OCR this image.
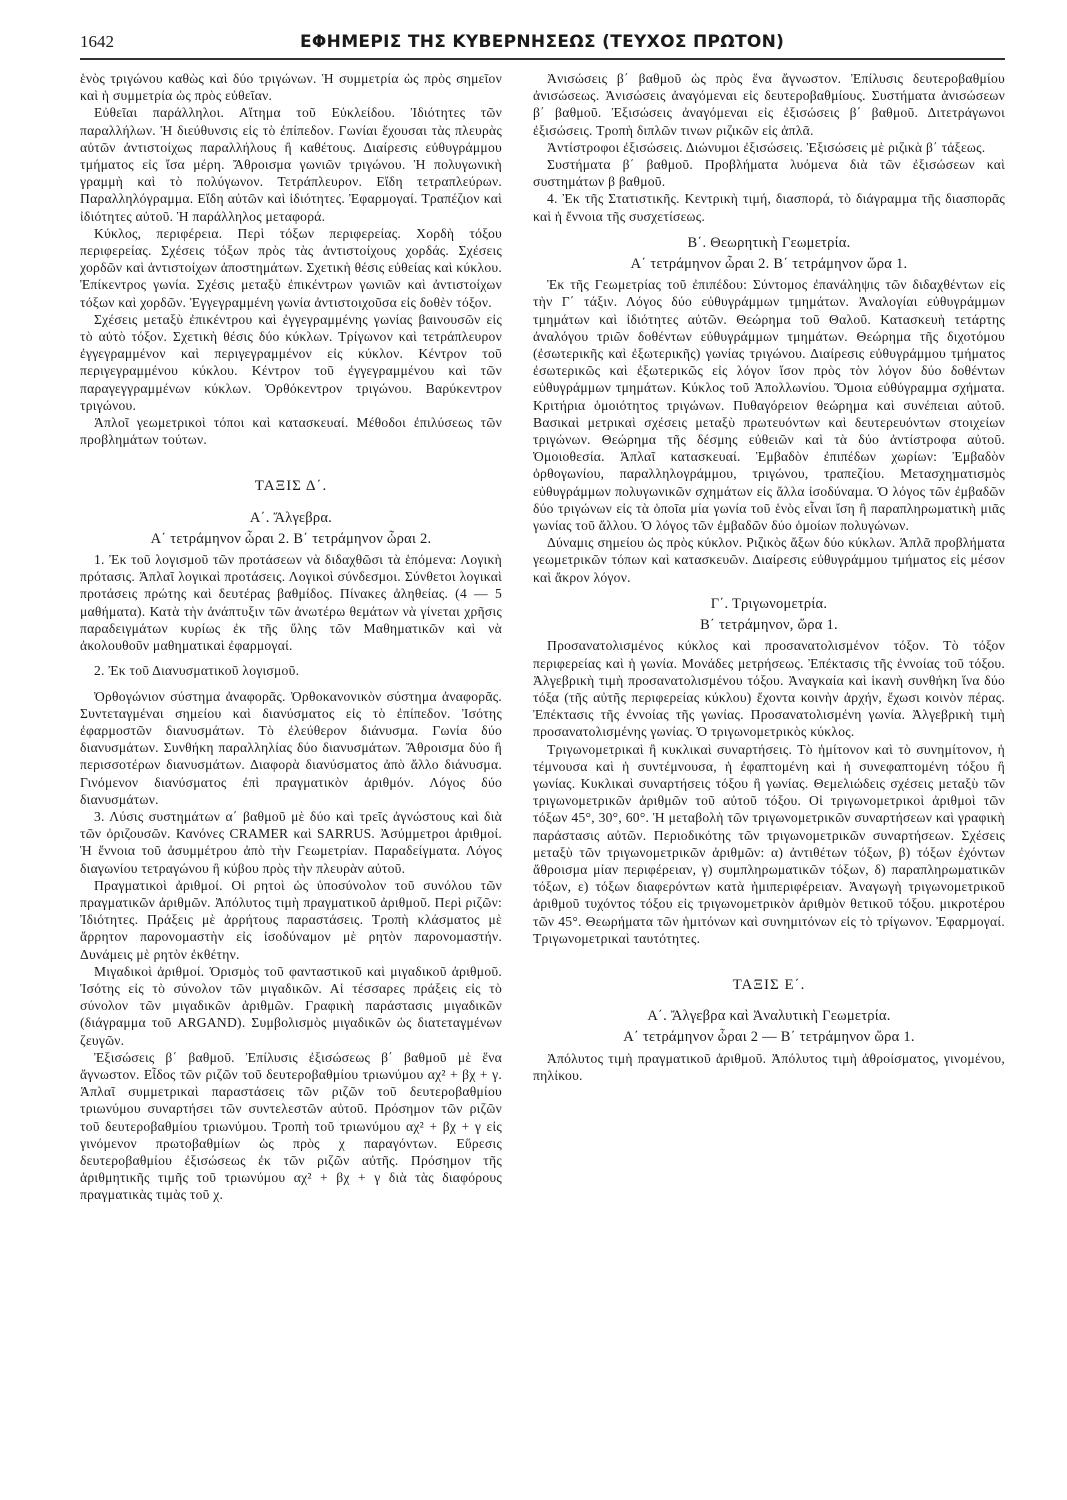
1642	ΕΦΗΜΕΡΙΣ ΤΗΣ ΚΥΒΕΡΝΗΣΕΩΣ (ΤΕΥΧΟΣ ΠΡΩΤΟΝ)

ἑνὸς τριγώνου καθὼς καὶ δύο τριγώνων. Ἡ συμμετρία ὡς πρὸς σημεῖον καὶ ἡ συμμετρία ὡς πρὸς εὐθεῖαν.

Εὐθεῖαι παράλληλοι. Αἴτημα τοῦ Εὐκλείδου. Ἰδιότητες τῶν παραλλήλων. Ἡ διεύθυνσις εἰς τὸ ἐπίπεδον. Γωνίαι ἔχουσαι τὰς πλευρὰς αὐτῶν ἀντιστοίχως παραλλήλους ἢ καθέτους. Διαίρεσις εὐθυγράμμου τμήματος εἰς ἴσα μέρη. Ἄθροισμα γωνιῶν τριγώνου. Ἡ πολυγωνικὴ γραμμὴ καὶ τὸ πολύγωνον. Τετράπλευρον. Εἴδη τετραπλεύρων. Παραλληλόγραμμα. Εἴδη αὐτῶν καὶ ἰδιότητες. Ἐφαρμογαί. Τραπέζιον καὶ ἰδιότητες αὐτοῦ. Ἡ παράλληλος μεταφορά.

Κύκλος, περιφέρεια. Περὶ τόξων περιφερείας. Χορδὴ τόξου περιφερείας. Σχέσεις τόξων πρὸς τὰς ἀντιστοίχους χορδάς. Σχέσεις χορδῶν καὶ ἀντιστοίχων ἀποστημάτων. Σχετικὴ θέσις εὐθείας καὶ κύκλου. Ἐπίκεντρος γωνία. Σχέσις μεταξὺ ἐπικέντρων γωνιῶν καὶ ἀντιστοίχων τόξων καὶ χορδῶν. Ἐγγεγραμμένη γωνία ἀντιστοιχοῦσα εἰς δοθὲν τόξον.

Σχέσεις μεταξὺ ἐπικέντρου καὶ ἐγγεγραμμένης γωνίας βαινουσῶν εἰς τὸ αὐτὸ τόξον. Σχετικὴ θέσις δύο κύκλων. Τρίγωνον καὶ τετράπλευρον ἐγγεγραμμένον καὶ περιγεγραμμένον εἰς κύκλον. Κέντρον τοῦ περιγεγραμμένου κύκλου. Κέντρον τοῦ ἐγγεγραμμένου καὶ τῶν παραγεγγραμμένων κύκλων. Ὀρθόκεντρον τριγώνου. Βαρύκεντρον τριγώνου.

Ἁπλοῖ γεωμετρικοὶ τόποι καὶ κατασκευαί. Μέθοδοι ἐπιλύσεως τῶν προβλημάτων τούτων.

ΤΑΞΙΣ Δ΄.
Α΄. Ἄλγεβρα.
Α΄ τετράμηνον ὧραι 2. Β΄ τετράμηνον ὧραι 2.

1. Ἐκ τοῦ λογισμοῦ τῶν προτάσεων νὰ διδαχθῶσι τὰ ἑπόμενα: Λογικὴ πρότασις. Ἁπλαῖ λογικαὶ προτάσεις. Λογικοὶ σύνδεσμοι. Σύνθετοι λογικαὶ προτάσεις πρώτης καὶ δευτέρας βαθμίδος. Πίνακες ἀληθείας. (4 — 5 μαθήματα). Κατὰ τὴν ἀνάπτυξιν τῶν ἀνωτέρω θεμάτων νὰ γίνεται χρῆσις παραδειγμάτων κυρίως ἐκ τῆς ὕλης τῶν Μαθηματικῶν καὶ νὰ ἀκολουθοῦν μαθηματικαὶ ἐφαρμογαί.

2. Ἐκ τοῦ Διανυσματικοῦ λογισμοῦ.

Ὀρθογώνιον σύστημα ἀναφορᾶς. Ὀρθοκανονικὸν σύστημα ἀναφορᾶς. Συντεταγμέναι σημείου καὶ διανύσματος εἰς τὸ ἐπίπεδον. Ἰσότης ἐφαρμοστῶν διανυσμάτων. Τὸ ἐλεύθερον διάνυσμα. Γωνία δύο διανυσμάτων. Συνθήκη παραλληλίας δύο διανυσμάτων. Ἄθροισμα δύο ἢ περισσοτέρων διανυσμάτων. Διαφορὰ διανύσματος ἀπὸ ἄλλο διάνυσμα. Γινόμενον διανύσματος ἐπὶ πραγματικὸν ἀριθμόν. Λόγος δύο διανυσμάτων.

3. Λύσις συστημάτων α΄ βαθμοῦ μὲ δύο καὶ τρεῖς ἀγνώστους καὶ διὰ τῶν ὀριζουσῶν. Κανόνες CRAMER καὶ SARRUS. Ἀσύμμετροι ἀριθμοί. Ἡ ἔννοια τοῦ ἀσυμμέτρου ἀπὸ τὴν Γεωμετρίαν. Παραδείγματα. Λόγος διαγωνίου τετραγώνου ἢ κύβου πρὸς τὴν πλευρὰν αὐτοῦ.

Πραγματικοὶ ἀριθμοί. Οἱ ρητοὶ ὡς ὑποσύνολον τοῦ συνόλου τῶν πραγματικῶν ἀριθμῶν. Ἀπόλυτος τιμὴ πραγματικοῦ ἀριθμοῦ. Περὶ ριζῶν: Ἰδιότητες. Πράξεις μὲ ἀρρήτους παραστάσεις. Τροπὴ κλάσματος μὲ ἄρρητον παρονομαστὴν εἰς ἰσοδύναμον μὲ ρητὸν παρονομαστήν. Δυνάμεις μὲ ρητὸν ἐκθέτην.

Μιγαδικοὶ ἀριθμοί. Ὁρισμὸς τοῦ φανταστικοῦ καὶ μιγαδικοῦ ἀριθμοῦ. Ἰσότης εἰς τὸ σύνολον τῶν μιγαδικῶν. Αἱ τέσσαρες πράξεις εἰς τὸ σύνολον τῶν μιγαδικῶν ἀριθμῶν. Γραφικὴ παράστασις μιγαδικῶν (διάγραμμα τοῦ ARGAND). Συμβολισμὸς μιγαδικῶν ὡς διατεταγμένων ζευγῶν.

Ἐξισώσεις β΄ βαθμοῦ. Ἐπίλυσις ἐξισώσεως β΄ βαθμοῦ μὲ ἕνα ἄγνωστον. Εἶδος τῶν ριζῶν τοῦ δευτεροβαθμίου τριωνύμου αχ² + βχ + γ. Ἁπλαῖ συμμετρικαὶ παραστάσεις τῶν ριζῶν τοῦ δευτεροβαθμίου τριωνύμου συναρτήσει τῶν συντελεστῶν αὐτοῦ. Πρόσημον τῶν ριζῶν τοῦ δευτεροβαθμίου τριωνύμου. Τροπὴ τοῦ τριωνύμου αχ² + βχ + γ εἰς γινόμενον πρωτοβαθμίων ὡς πρὸς χ παραγόντων. Εὕρεσις δευτεροβαθμίου ἐξισώσεως ἐκ τῶν ριζῶν αὐτῆς. Πρόσημον τῆς ἀριθμητικῆς τιμῆς τοῦ τριωνύμου αχ² + βχ + γ διὰ τὰς διαφόρους πραγματικὰς τιμὰς τοῦ χ.

Ἀνισώσεις β΄ βαθμοῦ ὡς πρὸς ἕνα ἄγνωστον. Ἐπίλυσις δευτεροβαθμίου ἀνισώσεως. Ἀνισώσεις ἀναγόμεναι εἰς δευτεροβαθμίους. Συστήματα ἀνισώσεων β΄ βαθμοῦ. Ἐξισώσεις ἀναγόμεναι εἰς ἐξισώσεις β΄ βαθμοῦ. Διτετράγωνοι ἐξισώσεις. Τροπὴ διπλῶν τινων ριζικῶν εἰς ἁπλᾶ.

Ἀντίστροφοι ἐξισώσεις. Διώνυμοι ἐξισώσεις. Ἐξισώσεις μὲ ριζικὰ β΄ τάξεως.

Συστήματα β΄ βαθμοῦ. Προβλήματα λυόμενα διὰ τῶν ἐξισώσεων καὶ συστημάτων β βαθμοῦ.

4. Ἐκ τῆς Στατιστικῆς. Κεντρικὴ τιμή, διασπορά, τὸ διάγραμμα τῆς διασπορᾶς καὶ ἡ ἔννοια τῆς συσχετίσεως.

Β΄. Θεωρητικὴ Γεωμετρία.
Α΄ τετράμηνον ὧραι 2. Β΄ τετράμηνον ὥρα 1.

Ἐκ τῆς Γεωμετρίας τοῦ ἐπιπέδου: Σύντομος ἐπανάληψις τῶν διδαχθέντων εἰς τὴν Γ΄ τάξιν. Λόγος δύο εὐθυγράμμων τμημάτων. Ἀναλογίαι εὐθυγράμμων τμημάτων καὶ ἰδιότητες αὐτῶν. Θεώρημα τοῦ Θαλοῦ. Κατασκευὴ τετάρτης ἀναλόγου τριῶν δοθέντων εὐθυγράμμων τμημάτων. Θεώρημα τῆς διχοτόμου (ἐσωτερικῆς καὶ ἐξωτερικῆς) γωνίας τριγώνου. Διαίρεσις εὐθυγράμμου τμήματος ἐσωτερικῶς καὶ ἐξωτερικῶς εἰς λόγον ἴσον πρὸς τὸν λόγον δύο δοθέντων εὐθυγράμμων τμημάτων. Κύκλος τοῦ Ἀπολλωνίου. Ὅμοια εὐθύγραμμα σχήματα. Κριτήρια ὁμοιότητος τριγώνων. Πυθαγόρειον θεώρημα καὶ συνέπειαι αὐτοῦ. Βασικαὶ μετρικαὶ σχέσεις μεταξὺ πρωτευόντων καὶ δευτερευόντων στοιχείων τριγώνων. Θεώρημα τῆς δέσμης εὐθειῶν καὶ τὰ δύο ἀντίστροφα αὐτοῦ. Ὁμοιοθεσία. Ἁπλαῖ κατασκευαί. Ἐμβαδὸν ἐπιπέδων χωρίων: Ἐμβαδὸν ὀρθογωνίου, παραλληλογράμμου, τριγώνου, τραπεζίου. Μετασχηματισμὸς εὐθυγράμμων πολυγωνικῶν σχημάτων εἰς ἄλλα ἰσοδύναμα. Ὁ λόγος τῶν ἐμβαδῶν δύο τριγώνων εἰς τὰ ὁποῖα μία γωνία τοῦ ἑνὸς εἶναι ἴση ἢ παραπληρωματικὴ μιᾶς γωνίας τοῦ ἄλλου. Ὁ λόγος τῶν ἐμβαδῶν δύο ὁμοίων πολυγώνων.

Δύναμις σημείου ὡς πρὸς κύκλον. Ριζικὸς ἄξων δύο κύκλων. Ἁπλᾶ προβλήματα γεωμετρικῶν τόπων καὶ κατασκευῶν. Διαίρεσις εὐθυγράμμου τμήματος εἰς μέσον καὶ ἄκρον λόγον.

Γ΄. Τριγωνομετρία.
Β΄ τετράμηνον, ὥρα 1.

Προσανατολισμένος κύκλος καὶ προσανατολισμένον τόξον. Τὸ τόξον περιφερείας καὶ ἡ γωνία. Μονάδες μετρήσεως. Ἐπέκτασις τῆς ἐννοίας τοῦ τόξου. Ἀλγεβρικὴ τιμὴ προσανατολισμένου τόξου. Ἀναγκαία καὶ ἱκανὴ συνθήκη ἵνα δύο τόξα (τῆς αὐτῆς περιφερείας κύκλου) ἔχοντα κοινὴν ἀρχήν, ἔχωσι κοινὸν πέρας. Ἐπέκτασις τῆς ἐννοίας τῆς γωνίας. Προσανατολισμένη γωνία. Ἀλγεβρικὴ τιμὴ προσανατολισμένης γωνίας. Ὁ τριγωνομετρικὸς κύκλος.

Τριγωνομετρικαὶ ἢ κυκλικαὶ συναρτήσεις. Τὸ ἡμίτονον καὶ τὸ συνημίτονον, ἡ τέμνουσα καὶ ἡ συντέμνουσα, ἡ ἐφαπτομένη καὶ ἡ συνεφαπτομένη τόξου ἢ γωνίας. Κυκλικαὶ συναρτήσεις τόξου ἢ γωνίας. Θεμελιώδεις σχέσεις μεταξὺ τῶν τριγωνομετρικῶν ἀριθμῶν τοῦ αὐτοῦ τόξου. Οἱ τριγωνομετρικοὶ ἀριθμοὶ τῶν τόξων 45°, 30°, 60°. Ἡ μεταβολὴ τῶν τριγωνομετρικῶν συναρτήσεων καὶ γραφικὴ παράστασις αὐτῶν. Περιοδικότης τῶν τριγωνομετρικῶν συναρτήσεων. Σχέσεις μεταξὺ τῶν τριγωνομετρικῶν ἀριθμῶν: α) ἀντιθέτων τόξων, β) τόξων ἐχόντων ἄθροισμα μίαν περιφέρειαν, γ) συμπληρωματικῶν τόξων, δ) παραπληρωματικῶν τόξων, ε) τόξων διαφερόντων κατὰ ἡμιπεριφέρειαν. Ἀναγωγὴ τριγωνομετρικοῦ ἀριθμοῦ τυχόντος τόξου εἰς τριγωνομετρικὸν ἀριθμὸν θετικοῦ τόξου. μικροτέρου τῶν 45°. Θεωρήματα τῶν ἡμιτόνων καὶ συνημιτόνων εἰς τὸ τρίγωνον. Ἐφαρμογαί. Τριγωνομετρικαὶ ταυτότητες.

ΤΑΞΙΣ Ε΄.
Α΄. Ἄλγεβρα καὶ Ἀναλυτικὴ Γεωμετρία.
Α΄ τετράμηνον ὧραι 2 — Β΄ τετράμηνον ὥρα 1.

Ἀπόλυτος τιμὴ πραγματικοῦ ἀριθμοῦ. Ἀπόλυτος τιμὴ ἀθροίσματος, γινομένου, πηλίκου.
